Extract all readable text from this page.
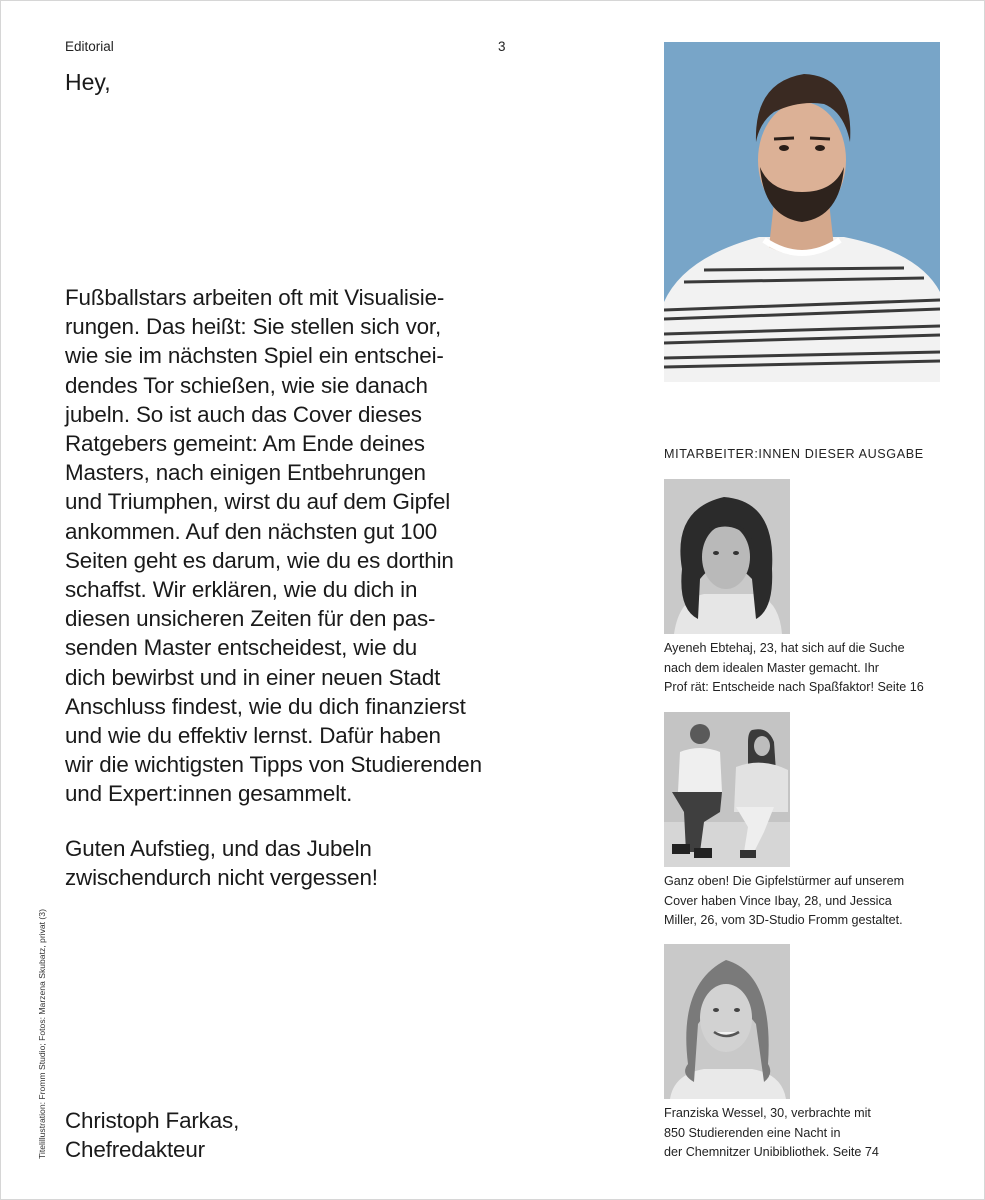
Editorial	3
Hey,
Fußballstars arbeiten oft mit Visualisie-
rungen. Das heißt: Sie stellen sich vor,
wie sie im nächsten Spiel ein entschei-
dendes Tor schießen, wie sie danach
jubeln. So ist auch das Cover dieses
Ratgebers gemeint: Am Ende deines
Masters, nach einigen Entbehrungen
und Triumphen, wirst du auf dem Gipfel
ankommen. Auf den nächsten gut 100
Seiten geht es darum, wie du es dorthin
schaffst. Wir erklären, wie du dich in
diesen unsicheren Zeiten für den pas-
senden Master entscheidest, wie du
dich bewirbst und in einer neuen Stadt
Anschluss findest, wie du dich finanzierst
und wie du effektiv lernst. Dafür haben
wir die wichtigsten Tipps von Studierenden
und Expert:innen gesammelt.
Guten Aufstieg, und das Jubeln
zwischendurch nicht vergessen!
Christoph Farkas,
Chefredakteur
Titelillustration: Fromm Studio; Fotos: Marzena Skubatz, privat (3)
MITARBEITER:INNEN DIESER AUSGABE
Ayeneh Ebtehaj, 23, hat sich auf die Suche
nach dem idealen Master gemacht. Ihr
Prof rät: Entscheide nach Spaßfaktor! Seite 16
Ganz oben! Die Gipfelstürmer auf unserem
Cover haben Vince Ibay, 28, und Jessica
Miller, 26, vom 3D-Studio Fromm gestaltet.
Franziska Wessel, 30, verbrachte mit
850 Studierenden eine Nacht in
der Chemnitzer Unibibliothek. Seite 74
